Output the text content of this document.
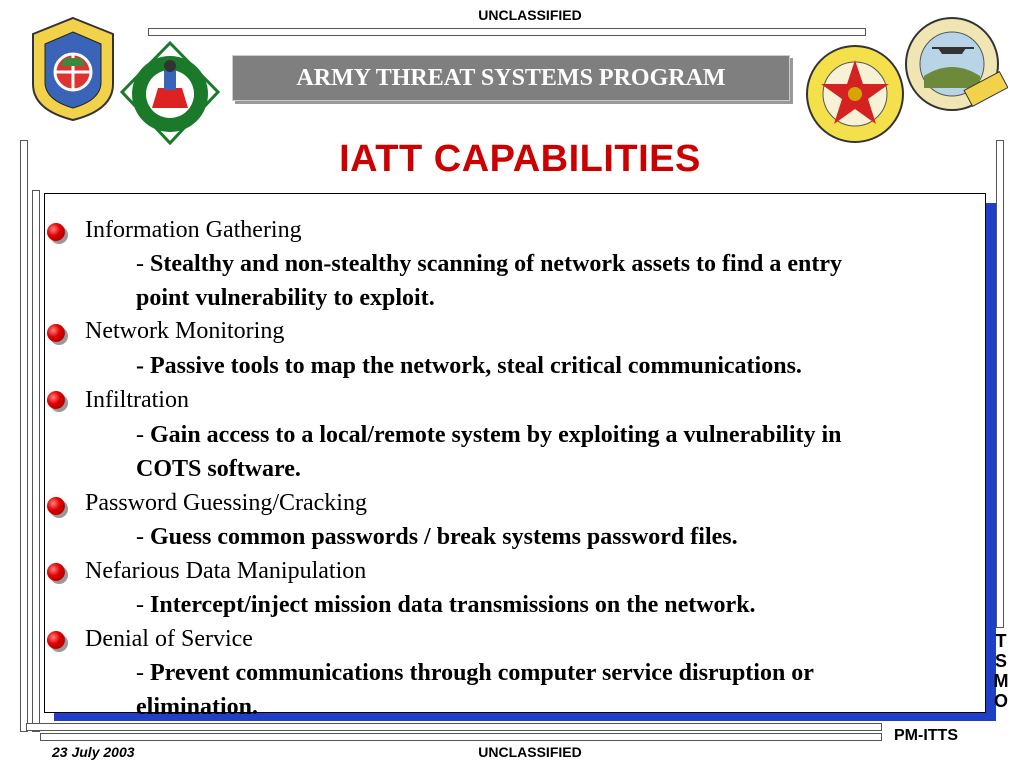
UNCLASSIFIED
ARMY THREAT SYSTEMS PROGRAM
IATT CAPABILITIES
Information Gathering
- Stealthy and non-stealthy scanning of network assets to find a entry
point vulnerability to exploit.
Network Monitoring
- Passive tools to map the network, steal critical communications.
Infiltration
- Gain access to a local/remote system by exploiting a vulnerability in
COTS software.
Password Guessing/Cracking
- Guess common passwords / break systems password files.
Nefarious Data Manipulation
- Intercept/inject mission data transmissions on the network.
Denial of Service
- Prevent communications through computer service disruption or
elimination.
T
S
M
O
PM-ITTS
23 July 2003	UNCLASSIFIED
